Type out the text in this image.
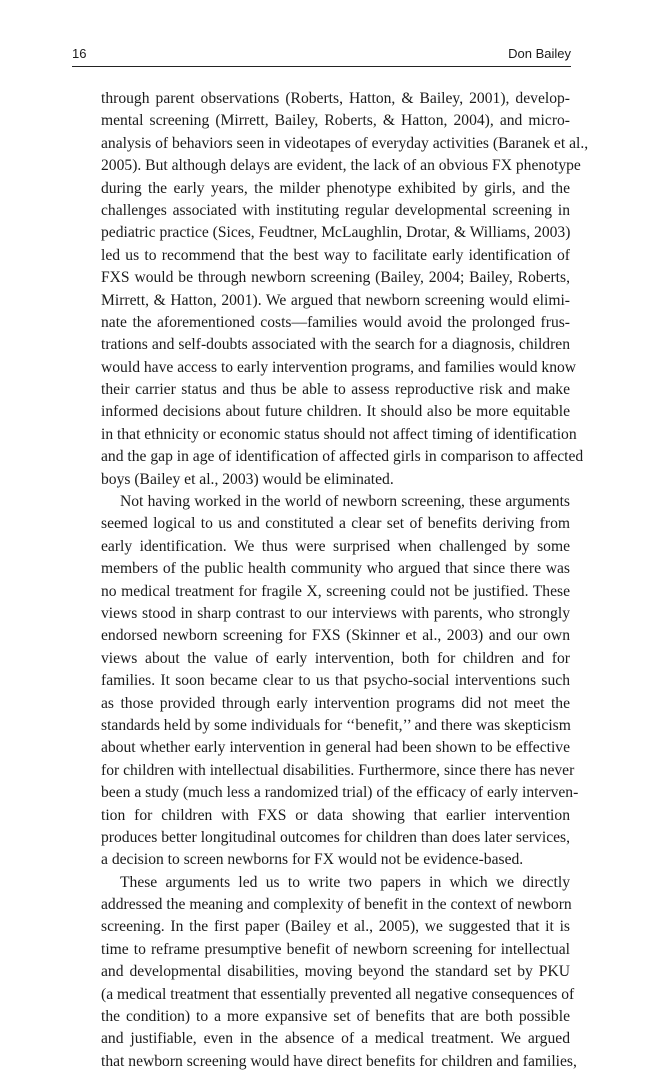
16	Don Bailey
through parent observations (Roberts, Hatton, & Bailey, 2001), develop-
mental screening (Mirrett, Bailey, Roberts, & Hatton, 2004), and micro-
analysis of behaviors seen in videotapes of everyday activities (Baranek et al.,
2005). But although delays are evident, the lack of an obvious FX phenotype
during the early years, the milder phenotype exhibited by girls, and the
challenges associated with instituting regular developmental screening in
pediatric practice (Sices, Feudtner, McLaughlin, Drotar, & Williams, 2003)
led us to recommend that the best way to facilitate early identification of
FXS would be through newborn screening (Bailey, 2004; Bailey, Roberts,
Mirrett, & Hatton, 2001). We argued that newborn screening would elimi-
nate the aforementioned costs—families would avoid the prolonged frus-
trations and self-doubts associated with the search for a diagnosis, children
would have access to early intervention programs, and families would know
their carrier status and thus be able to assess reproductive risk and make
informed decisions about future children. It should also be more equitable
in that ethnicity or economic status should not affect timing of identification
and the gap in age of identification of affected girls in comparison to affected
boys (Bailey et al., 2003) would be eliminated.
Not having worked in the world of newborn screening, these arguments
seemed logical to us and constituted a clear set of benefits deriving from
early identification. We thus were surprised when challenged by some
members of the public health community who argued that since there was
no medical treatment for fragile X, screening could not be justified. These
views stood in sharp contrast to our interviews with parents, who strongly
endorsed newborn screening for FXS (Skinner et al., 2003) and our own
views about the value of early intervention, both for children and for
families. It soon became clear to us that psycho-social interventions such
as those provided through early intervention programs did not meet the
standards held by some individuals for ‘‘benefit,’’ and there was skepticism
about whether early intervention in general had been shown to be effective
for children with intellectual disabilities. Furthermore, since there has never
been a study (much less a randomized trial) of the efficacy of early interven-
tion for children with FXS or data showing that earlier intervention
produces better longitudinal outcomes for children than does later services,
a decision to screen newborns for FX would not be evidence-based.
These arguments led us to write two papers in which we directly
addressed the meaning and complexity of benefit in the context of newborn
screening. In the first paper (Bailey et al., 2005), we suggested that it is
time to reframe presumptive benefit of newborn screening for intellectual
and developmental disabilities, moving beyond the standard set by PKU
(a medical treatment that essentially prevented all negative consequences of
the condition) to a more expansive set of benefits that are both possible
and justifiable, even in the absence of a medical treatment. We argued
that newborn screening would have direct benefits for children and families,
